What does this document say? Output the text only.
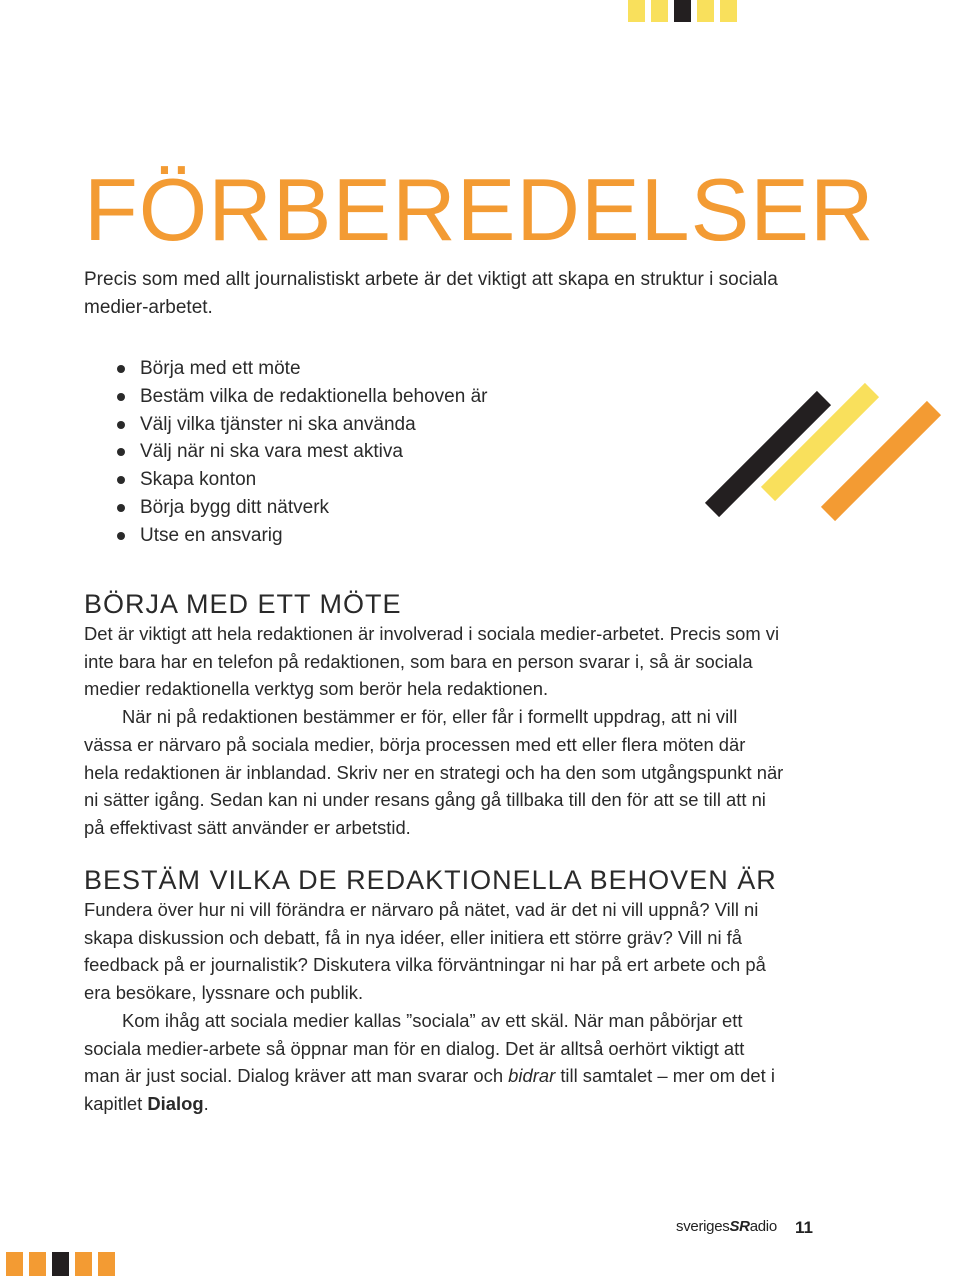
FÖRBEREDELSER

Precis som med allt journalistiskt arbete är det viktigt att skapa en struktur i sociala medier-arbetet.

Börja med ett möte
Bestäm vilka de redaktionella behoven är
Välj vilka tjänster ni ska använda
Välj när ni ska vara mest aktiva
Skapa konton
Börja bygg ditt nätverk
Utse en ansvarig
BÖRJA MED ETT MÖTE

Det är viktigt att hela redaktionen är involverad i sociala medier-arbetet. Precis som vi inte bara har en telefon på redaktionen, som bara en person svarar i, så är sociala medier redaktionella verktyg som berör hela redaktionen.

När ni på redaktionen bestämmer er för, eller får i formellt uppdrag, att ni vill vässa er närvaro på sociala medier, börja processen med ett eller flera möten där hela redaktionen är inblandad. Skriv ner en strategi och ha den som utgångspunkt när ni sätter igång. Sedan kan ni under resans gång gå tillbaka till den för att se till att ni på effektivast sätt använder er arbetstid.

BESTÄM VILKA DE REDAKTIONELLA BEHOVEN ÄR

Fundera över hur ni vill förändra er närvaro på nätet, vad är det ni vill uppnå? Vill ni skapa diskussion och debatt, få in nya idéer, eller initiera ett större gräv? Vill ni få feedback på er journalistik? Diskutera vilka förväntningar ni har på ert arbete och på era besökare, lyssnare och publik.

Kom ihåg att sociala medier kallas ”sociala” av ett skäl. När man påbörjar ett sociala medier-arbete så öppnar man för en dialog. Det är alltså oerhört viktigt att man är just social. Dialog kräver att man svarar och bidrar till samtalet – mer om det i kapitlet Dialog.

sverigesSRadio 11
